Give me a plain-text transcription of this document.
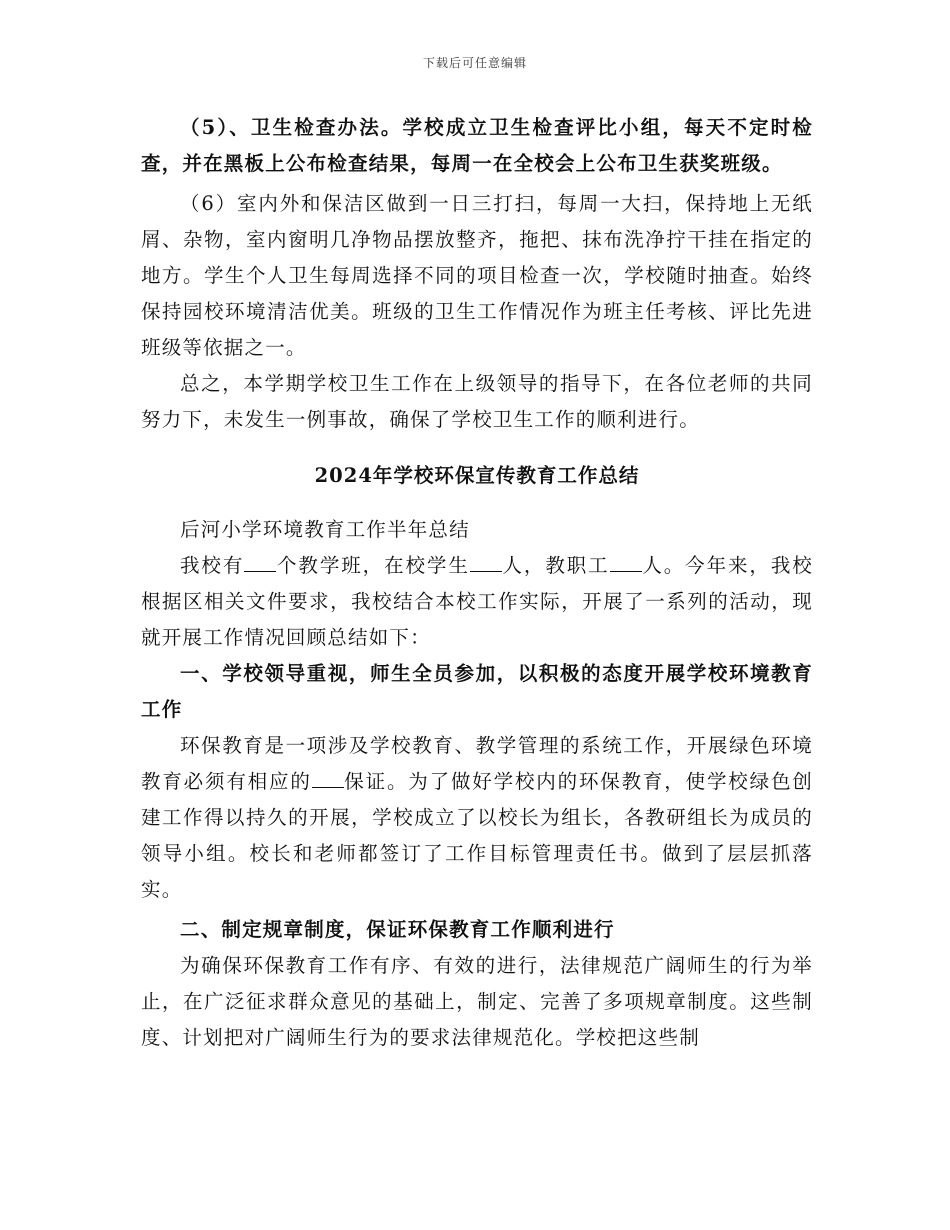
下载后可任意编辑

（5）、卫生检查办法。学校成立卫生检查评比小组，每天不定时检查，并在黑板上公布检查结果，每周一在全校会上公布卫生获奖班级。

（6）室内外和保洁区做到一日三打扫，每周一大扫，保持地上无纸屑、杂物，室内窗明几净物品摆放整齐，拖把、抹布洗净拧干挂在指定的地方。学生个人卫生每周选择不同的项目检查一次，学校随时抽查。始终保持园校环境清洁优美。班级的卫生工作情况作为班主任考核、评比先进班级等依据之一。

总之，本学期学校卫生工作在上级领导的指导下，在各位老师的共同努力下，未发生一例事故，确保了学校卫生工作的顺利进行。

2024年学校环保宣传教育工作总结

后河小学环境教育工作半年总结

我校有 个教学班，在校学生 人，教职工 人。今年来，我校根据区相关文件要求，我校结合本校工作实际，开展了一系列的活动，现就开展工作情况回顾总结如下：

一、学校领导重视，师生全员参加，以积极的态度开展学校环境教育工作

环保教育是一项涉及学校教育、教学管理的系统工作，开展绿色环境教育必须有相应的 保证。为了做好学校内的环保教育，使学校绿色创建工作得以持久的开展，学校成立了以校长为组长，各教研组长为成员的领导小组。校长和老师都签订了工作目标管理责任书。做到了层层抓落实。

二、制定规章制度，保证环保教育工作顺利进行

为确保环保教育工作有序、有效的进行，法律规范广阔师生的行为举止，在广泛征求群众意见的基础上，制定、完善了多项规章制度。这些制度、计划把对广阔师生行为的要求法律规范化。学校把这些制
